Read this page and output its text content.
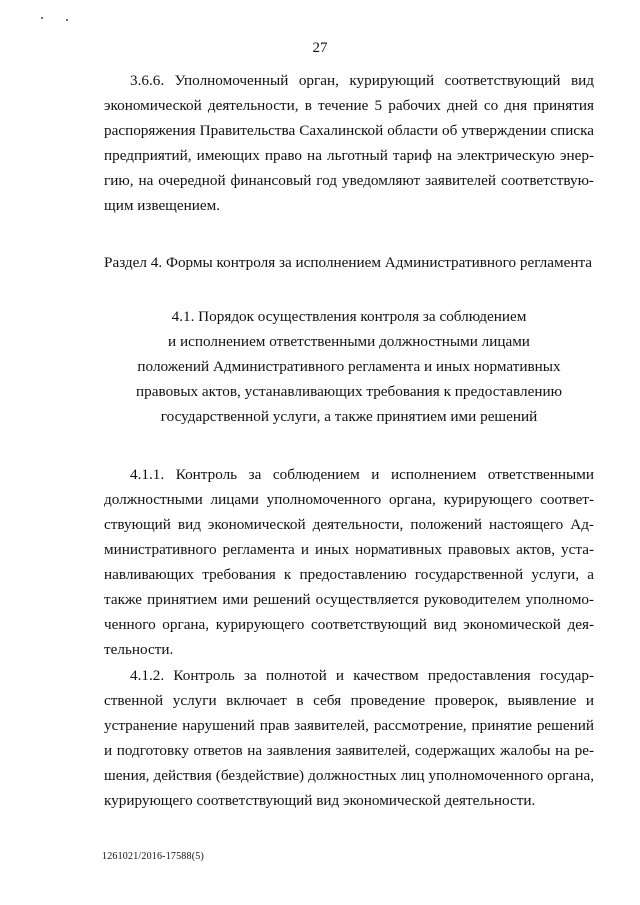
27
3.6.6. Уполномоченный орган, курирующий соответствующий вид
экономической деятельности, в течение 5 рабочих дней со дня принятия
распоряжения Правительства Сахалинской области об утверждении списка
предприятий, имеющих право на льготный тариф на электрическую энер-
гию, на очередной финансовый год уведомляют заявителей соответствую-
щим извещением.
Раздел 4. Формы контроля за исполнением Административного регламента
4.1. Порядок осуществления контроля за соблюдением
и исполнением ответственными должностными лицами
положений Административного регламента и иных нормативных
правовых актов, устанавливающих требования к предоставлению
государственной услуги, а также принятием ими решений
4.1.1. Контроль за соблюдением и исполнением ответственными
должностными лицами уполномоченного органа, курирующего соответ-
ствующий вид экономической деятельности, положений настоящего Ад-
министративного регламента и иных нормативных правовых актов, уста-
навливающих требования к предоставлению государственной услуги, а
также принятием ими решений осуществляется руководителем уполномо-
ченного органа, курирующего соответствующий вид экономической дея-
тельности.
4.1.2. Контроль за полнотой и качеством предоставления государ-
ственной услуги включает в себя проведение проверок, выявление и
устранение нарушений прав заявителей, рассмотрение, принятие решений
и подготовку ответов на заявления заявителей, содержащих жалобы на ре-
шения, действия (бездействие) должностных лиц уполномоченного органа,
курирующего соответствующий вид экономической деятельности.
1261021/2016-17588(5)
